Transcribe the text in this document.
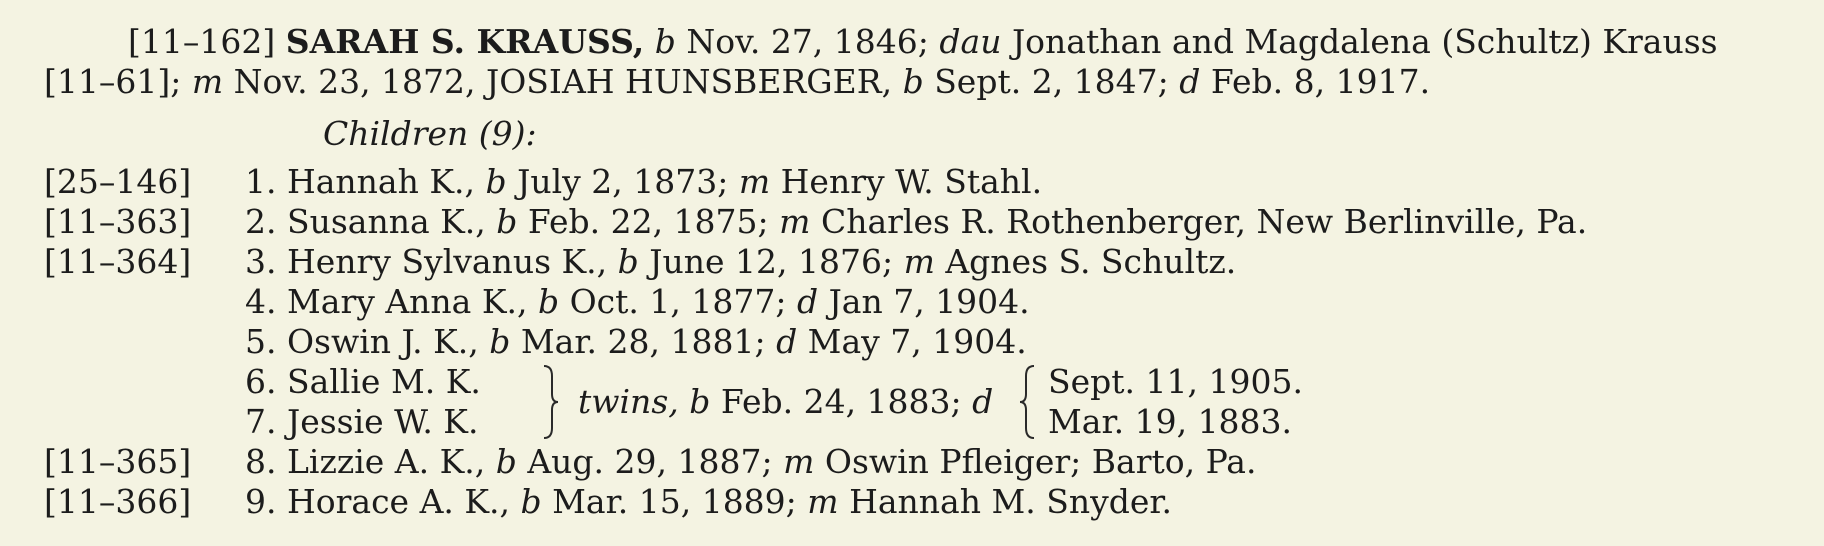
[11–162] SARAH S. KRAUSS, b Nov. 27, 1846; dau Jonathan and Magdalena (Schultz) Krauss
[11–61]; m Nov. 23, 1872, JOSIAH HUNSBERGER, b Sept. 2, 1847; d Feb. 8, 1917.
Children (9):
[25–146] 1. Hannah K., b July 2, 1873; m Henry W. Stahl.
[11–363] 2. Susanna K., b Feb. 22, 1875; m Charles R. Rothenberger, New Berlinville, Pa.
[11–364] 3. Henry Sylvanus K., b June 12, 1876; m Agnes S. Schultz.
4. Mary Anna K., b Oct. 1, 1877; d Jan 7, 1904.
5. Oswin J. K., b Mar. 28, 1881; d May 7, 1904.
6. Sallie M. K.
7. Jessie W. K.
twins, b Feb. 24, 1883; d
Sept. 11, 1905.
Mar. 19, 1883.
[11–365] 8. Lizzie A. K., b Aug. 29, 1887; m Oswin Pfleiger; Barto, Pa.
[11–366] 9. Horace A. K., b Mar. 15, 1889; m Hannah M. Snyder.
